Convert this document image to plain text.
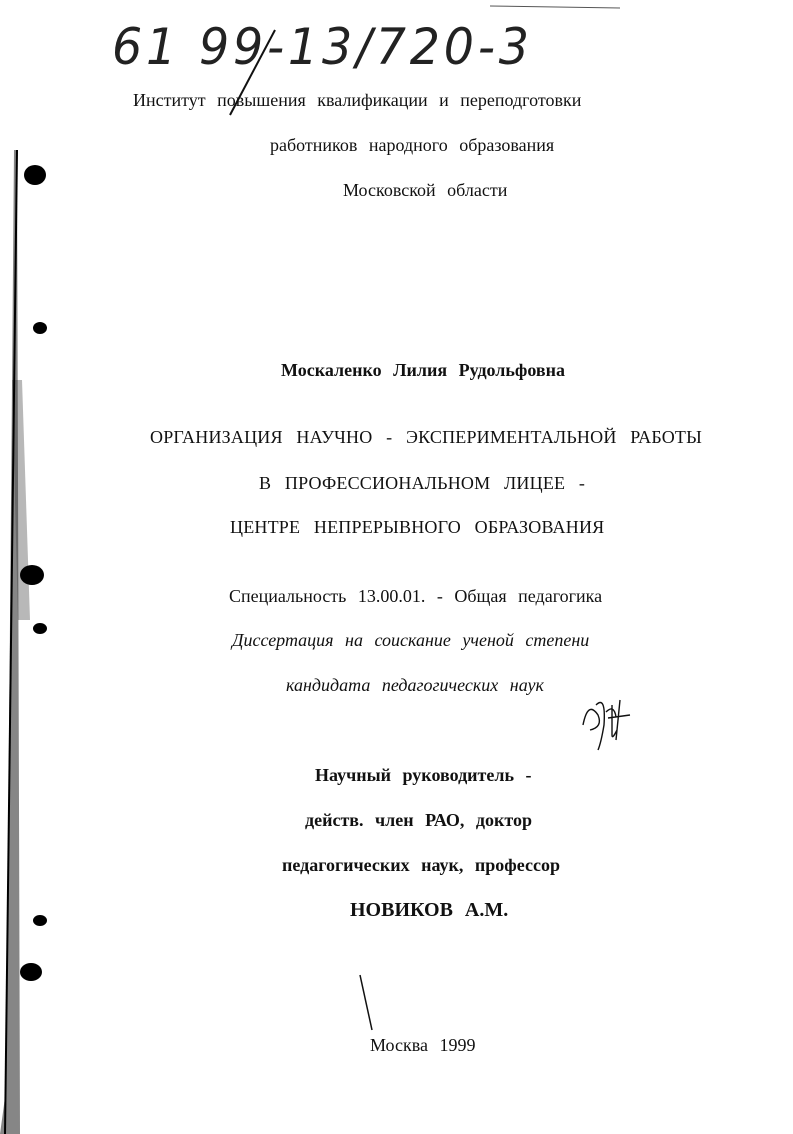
61 99-13/720-3
Институт повышения квалификации и переподготовки
работников народного образования
Московской области
Москаленко Лилия Рудольфовна
ОРГАНИЗАЦИЯ НАУЧНО - ЭКСПЕРИМЕНТАЛЬНОЙ РАБОТЫ
В ПРОФЕССИОНАЛЬНОМ ЛИЦЕЕ -
ЦЕНТРЕ НЕПРЕРЫВНОГО ОБРАЗОВАНИЯ
Специальность 13.00.01. - Общая педагогика
Диссертация на соискание ученой степени
кандидата педагогических наук
Научный руководитель -
действ. член РАО, доктор
педагогических наук, профессор
НОВИКОВ А.М.
Москва 1999
